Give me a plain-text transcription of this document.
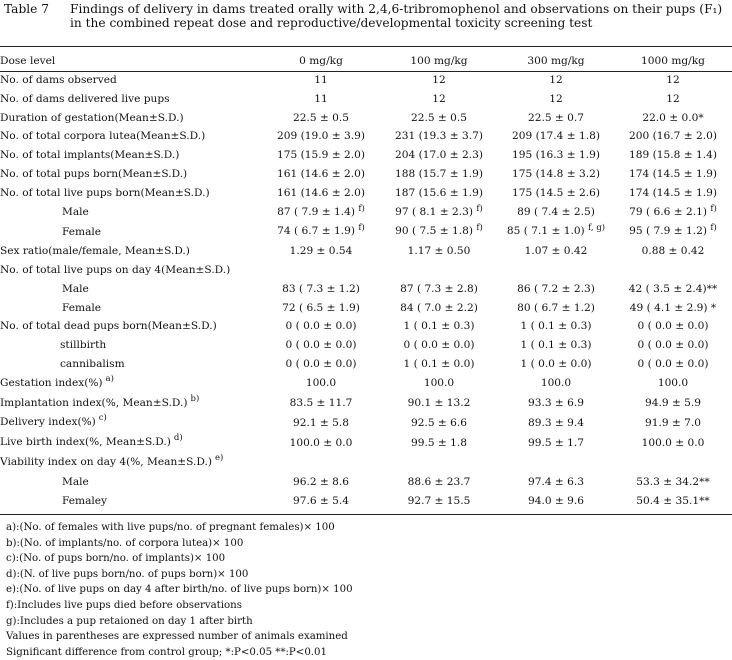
Table 7 Findings of delivery in dams treated orally with 2,4,6-tribromophenol and observations on their pups (F₁)
in the combined repeat dose and reproductive/developmental toxicity screening test
Dose level	0 mg/kg	100 mg/kg	300 mg/kg	1000 mg/kg
No. of dams observed	11	12	12	12
No. of dams delivered live pups	11	12	12	12
Duration of gestation(Mean±S.D.)	22.5 ± 0.5	22.5 ± 0.5	22.5 ± 0.7	22.0 ± 0.0*
No. of total corpora lutea(Mean±S.D.)	209 (19.0 ± 3.9)	231 (19.3 ± 3.7)	209 (17.4 ± 1.8)	200 (16.7 ± 2.0)
No. of total implants(Mean±S.D.)	175 (15.9 ± 2.0)	204 (17.0 ± 2.3)	195 (16.3 ± 1.9)	189 (15.8 ± 1.4)
No. of total pups born(Mean±S.D.)	161 (14.6 ± 2.0)	188 (15.7 ± 1.9)	175 (14.8 ± 3.2)	174 (14.5 ± 1.9)
No. of total live pups born(Mean±S.D.)	161 (14.6 ± 2.0)	187 (15.6 ± 1.9)	175 (14.5 ± 2.6)	174 (14.5 ± 1.9)
Male	87 ( 7.9 ± 1.4) $^{f)}$	97 ( 8.1 ± 2.3) $^{f)}$	89 ( 7.4 ± 2.5)	79 ( 6.6 ± 2.1) $^{f)}$
Female	74 ( 6.7 ± 1.9) $^{f)}$	90 ( 7.5 ± 1.8) $^{f)}$	85 ( 7.1 ± 1.0) $^{f, g)}$	95 ( 7.9 ± 1.2) $^{f)}$
Sex ratio(male/female, Mean±S.D.)	1.29 ± 0.54	1.17 ± 0.50	1.07 ± 0.42	0.88 ± 0.42
No. of total live pups on day 4(Mean±S.D.)				
Male	83 ( 7.3 ± 1.2)	87 ( 7.3 ± 2.8)	86 ( 7.2 ± 2.3)	42 ( 3.5 ± 2.4)**
Female	72 ( 6.5 ± 1.9)	84 ( 7.0 ± 2.2)	80 ( 6.7 ± 1.2)	49 ( 4.1 ± 2.9) *
No. of total dead pups born(Mean±S.D.)	0 ( 0.0 ± 0.0)	1 ( 0.1 ± 0.3)	1 ( 0.1 ± 0.3)	0 ( 0.0 ± 0.0)
stillbirth	0 ( 0.0 ± 0.0)	0 ( 0.0 ± 0.0)	1 ( 0.1 ± 0.3)	0 ( 0.0 ± 0.0)
cannibalism	0 ( 0.0 ± 0.0)	1 ( 0.1 ± 0.0)	1 ( 0.0 ± 0.0)	0 ( 0.0 ± 0.0)
Gestation index(%) $^{a)}$	100.0	100.0	100.0	100.0
Implantation index(%, Mean±S.D.) $^{b)}$	83.5 ± 11.7	90.1 ± 13.2	93.3 ± 6.9	94.9 ± 5.9
Delivery index(%) $^{c)}$	92.1 ± 5.8	92.5 ± 6.6	89.3 ± 9.4	91.9 ± 7.0
Live birth index(%, Mean±S.D.) $^{d)}$	100.0 ± 0.0	99.5 ± 1.8	99.5 ± 1.7	100.0 ± 0.0
Viability index on day 4(%, Mean±S.D.) $^{e)}$				
Male	96.2 ± 8.6	88.6 ± 23.7	97.4 ± 6.3	53.3 ± 34.2**
Femaley	97.6 ± 5.4	92.7 ± 15.5	94.0 ± 9.6	50.4 ± 35.1**
a):(No. of females with live pups/no. of pregnant females)× 100
b):(No. of implants/no. of corpora lutea)× 100
c):(No. of pups born/no. of implants)× 100
d):(N. of live pups born/no. of pups born)× 100
e):(No. of live pups on day 4 after birth/no. of live pups born)× 100
f):Includes live pups died before observations
g):Includes a pup retaioned on day 1 after birth
Values in parentheses are expressed number of animals examined
Significant difference from control group; *:P<0.05 **:P<0.01
